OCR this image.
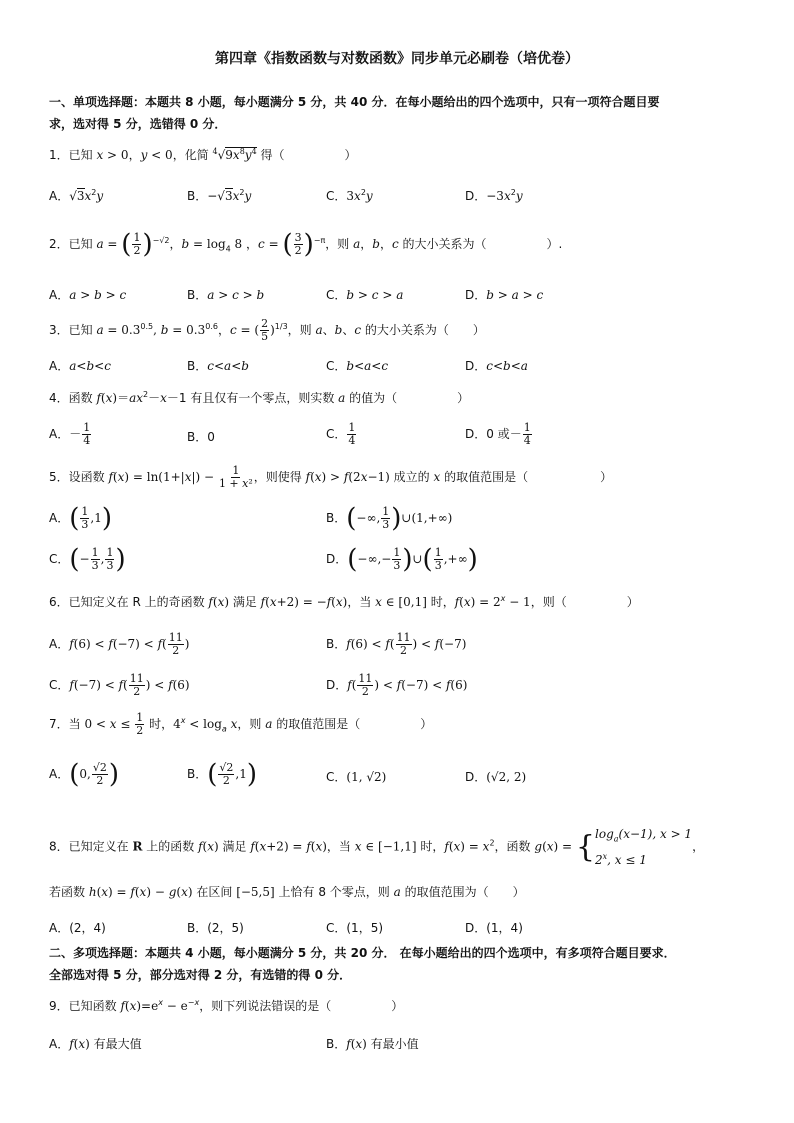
第四章《指数函数与对数函数》同步单元必刷卷（培优卷）
一、单项选择题：本题共 8 小题，每小题满分 5 分，共 40 分．在每小题给出的四个选项中，只有一项符合题目要
求，选对得 5 分，选错得 0 分．
1．已知 x > 0，y < 0，化简 $^4√9x^8y^4$ 得（　　　　　）
A．$√3x^2y$	B．$-√3x^2y$	C．$3x^2y$	D．$-3x^2y$
2．已知 a = ( $\frac{1}{2} )^{-√2}$，$b = \log_4 8$ ，c = ( $\frac{3}{2} )^{-\pi}$，则 a，b，c 的大小关系为（　　　　　）.
A．a > b > c	B．a > c > b	C．b > c > a	D．b > a > c
3．已知 $a = 0.3^{0.5}$, $b = 0.3^{0.6}$，c = ( $\frac{2}{5} )^{1/3}$，则 a、b、c 的大小关系为（　　）
A．a<b<c	B．c<a<b	C．b<a<c	D．c<b<a
4．函数 $f(x)=ax^2-x-1$ 有且仅有一个零点，则实数 a 的值为（　　　　　）
A．－ $\frac{1}{4}$	B．0	C． $\frac{1}{4}$	D．0 或－ $\frac{1}{4}$
5．设函数 $f(x) = \ln(1+|x|) - \frac{1}{\text{1 + x²}}$ ，则使得 f(x) > f(2x−1) 成立的 x 的取值范围是（　　　　　　）
A．( $\frac{1}{3} ,1$)	B．(−∞, $\frac{1}{3}$ )∪(1,+∞)
C．(− $\frac{1}{3}$ , $\frac{1}{3}$ )	D．(−∞,− $\frac{1}{3}$ )∪( $\frac{1}{3}$ ,+∞)
6．已知定义在 R 上的奇函数 f(x) 满足 f(x+2) = −f(x)，当 x ∈ [0,1] 时，$f(x) = 2^x - 1$，则（　　　　　）
A．$f(6) < f(-7) < f( \frac{11}{2}$ )	B．$f(6) < f( \frac{11}{2}$ ) < f(−7)
C．$f(-7) < f( \frac{11}{2}$ ) < f(6)	D．$f( \frac{11}{2}$ ) < f(−7) < f(6)
7．当 $0 < x \le \frac{1}{2}$ 时，$4^x < \log_a x$，则 a 的取值范围是（　　　　　）
A．(0, $\frac{√2}{2}$ )	B．( $\frac{√2}{2} ,1$)	C．(1, √2)	D．(√2, 2)
8．已知定义在 R 上的函数 f(x) 满足 f(x+2) = f(x)，当 x ∈ [−1,1] 时，$f(x) = x^2$，函数 g(x) = { $\log_a(x-1)$, x > 1
2$^x$, x ≤ 1
，
若函数 h(x) = f(x) − g(x) 在区间 [−5,5] 上恰有 8 个零点，则 a 的取值范围为（　　）
A．(2，4)	B．(2，5)	C．(1，5)	D．(1，4)
二、多项选择题：本题共 4 小题，每小题满分 5 分，共 20 分． 在每小题给出的四个选项中，有多项符合题目要求．
全部选对得 5 分，部分选对得 2 分，有选错的得 0 分．
9．已知函数 $f(x)=e^x - e^{-x}$，则下列说法错误的是（　　　　　）
A．f(x) 有最大值	B．f(x) 有最小值
